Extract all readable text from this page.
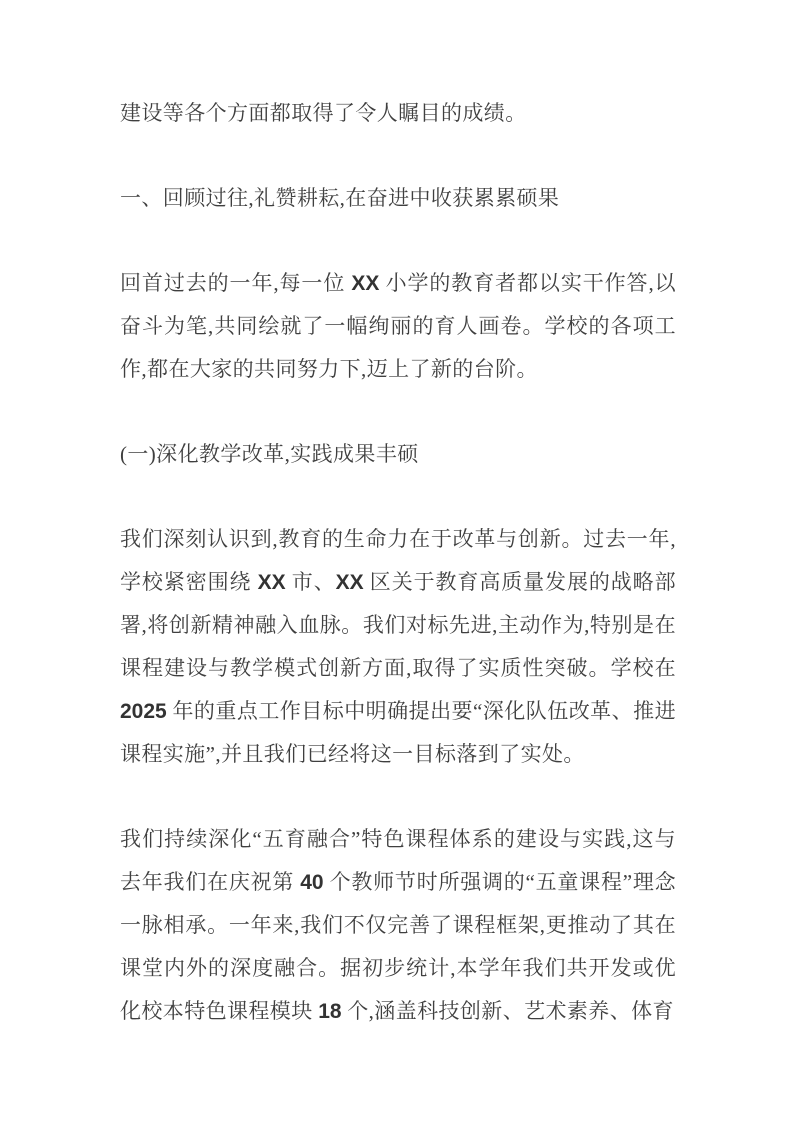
建设等各个方面都取得了令人瞩目的成绩。

一、回顾过往,礼赞耕耘,在奋进中收获累累硕果

回首过去的一年,每一位 XX 小学的教育者都以实干作答,以奋斗为笔,共同绘就了一幅绚丽的育人画卷。学校的各项工作,都在大家的共同努力下,迈上了新的台阶。

(一)深化教学改革,实践成果丰硕

我们深刻认识到,教育的生命力在于改革与创新。过去一年,学校紧密围绕 XX 市、XX 区关于教育高质量发展的战略部署,将创新精神融入血脉。我们对标先进,主动作为,特别是在课程建设与教学模式创新方面,取得了实质性突破。学校在 2025 年的重点工作目标中明确提出要“深化队伍改革、推进课程实施”,并且我们已经将这一目标落到了实处。

我们持续深化“五育融合”特色课程体系的建设与实践,这与去年我们在庆祝第 40 个教师节时所强调的“五童课程”理念一脉相承。一年来,我们不仅完善了课程框架,更推动了其在课堂内外的深度融合。据初步统计,本学年我们共开发或优化校本特色课程模块 18 个,涵盖科技创新、艺术素养、体育
